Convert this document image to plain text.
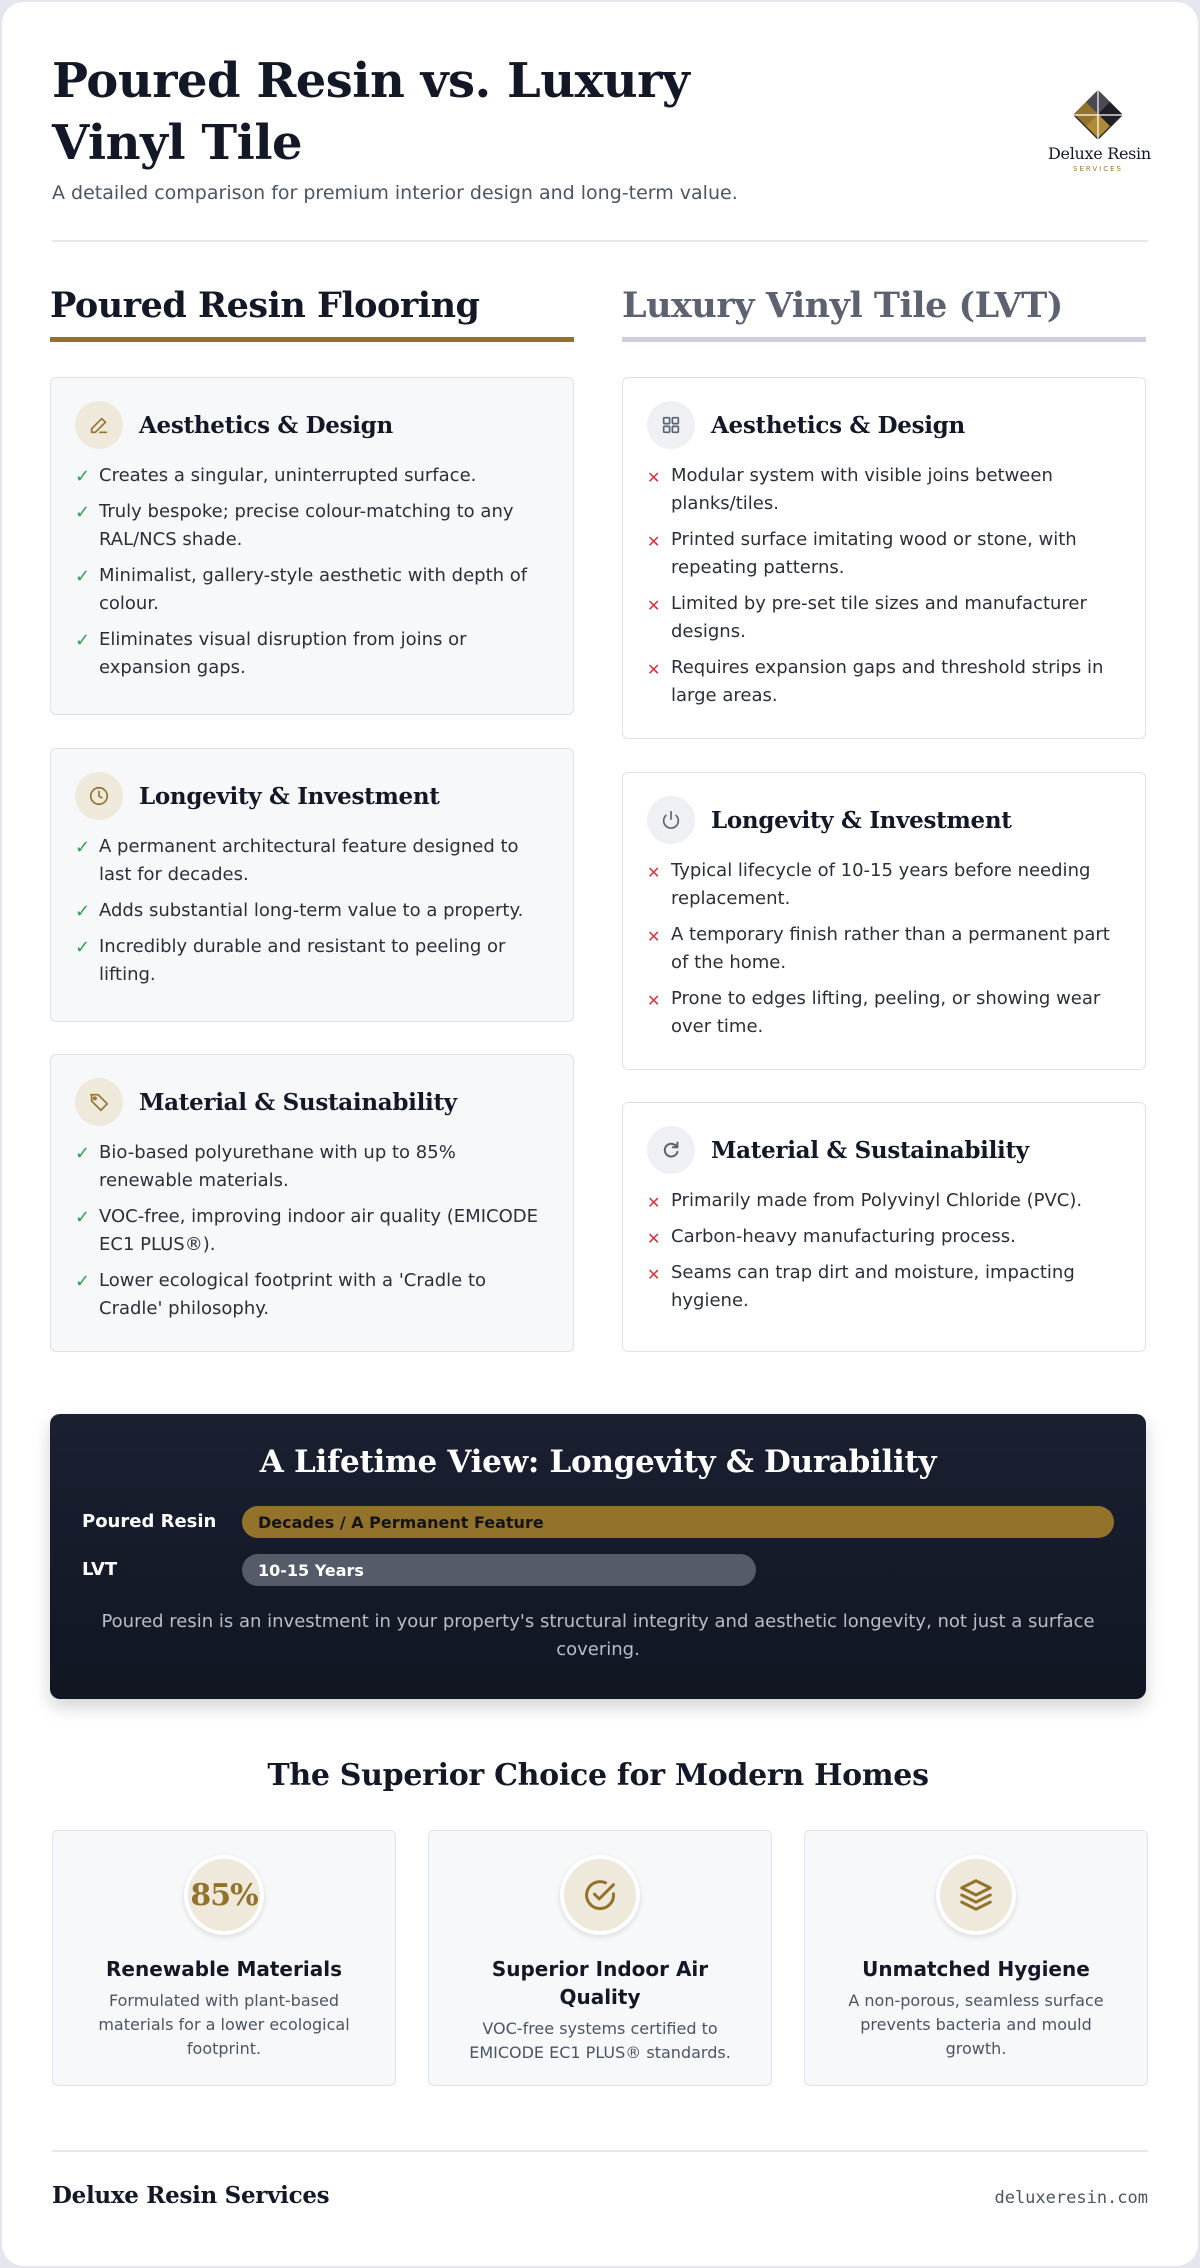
Poured Resin vs. Luxury Vinyl Tile

A detailed comparison for premium interior design and long-term value.

Deluxe Resin
SERVICES
Deluxe Resin Services	deluxeresin.com
Poured Resin Flooring
Aesthetics & Design
✓ Creates a singular, uninterrupted surface.
✓ Truly bespoke; precise colour-matching to any RAL/NCS shade.
✓ Minimalist, gallery-style aesthetic with depth of colour.
✓ Eliminates visual disruption from joins or expansion gaps.
Longevity & Investment
✓ A permanent architectural feature designed to last for decades.
✓ Adds substantial long-term value to a property.
✓ Incredibly durable and resistant to peeling or lifting.
Material & Sustainability
✓ Bio-based polyurethane with up to 85% renewable materials.
✓ VOC-free, improving indoor air quality (EMICODE EC1 PLUS®).
✓ Lower ecological footprint with a 'Cradle to Cradle' philosophy.
Luxury Vinyl Tile (LVT)
Aesthetics & Design
✕ Modular system with visible joins between planks/tiles.
✕ Printed surface imitating wood or stone, with repeating patterns.
✕ Limited by pre-set tile sizes and manufacturer designs.
✕ Requires expansion gaps and threshold strips in large areas.
Longevity & Investment
✕ Typical lifecycle of 10-15 years before needing replacement.
✕ A temporary finish rather than a permanent part of the home.
✕ Prone to edges lifting, peeling, or showing wear over time.
Material & Sustainability
✕ Primarily made from Polyvinyl Chloride (PVC).
✕ Carbon-heavy manufacturing process.
✕ Seams can trap dirt and moisture, impacting hygiene.
A Lifetime View: Longevity & Durability
Poured Resin	Decades / A Permanent Feature
LVT	10-15 Years

Poured resin is an investment in your property's structural integrity and aesthetic longevity, not just a surface covering.

The Superior Choice for Modern Homes
85%
Renewable Materials

Formulated with plant-based materials for a lower ecological footprint.

Superior Indoor Air Quality

VOC-free systems certified to EMICODE EC1 PLUS® standards.

Unmatched Hygiene

A non-porous, seamless surface prevents bacteria and mould growth.
